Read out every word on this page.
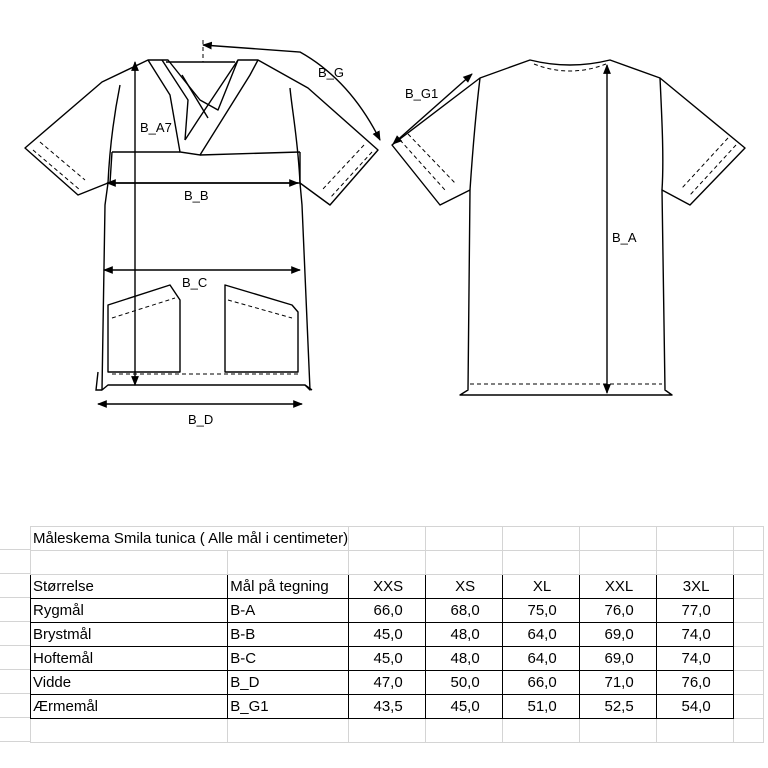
B_A7
B_B
B_C
B_D
B_G
B_G1
B_A
Måleskema Smila tunica ( Alle mål i centimeter)							

Størrelse	Mål på tegning	XXS	XS	XL	XXL	3XL	
Rygmål	B-A	66,0	68,0	75,0	76,0	77,0	
Brystmål	B-B	45,0	48,0	64,0	69,0	74,0	
Hoftemål	B-C	45,0	48,0	64,0	69,0	74,0	
Vidde	B_D	47,0	50,0	66,0	71,0	76,0	
Ærmemål	B_G1	43,5	45,0	51,0	52,5	54,0	
